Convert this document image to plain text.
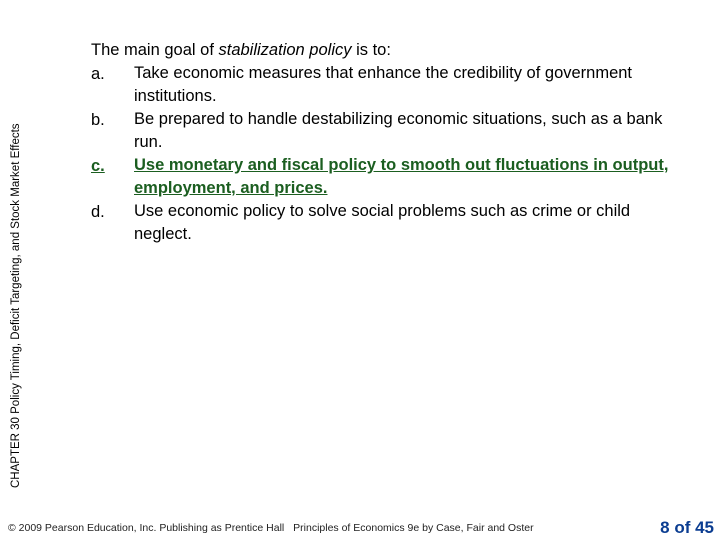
CHAPTER 30 Policy Timing, Deficit Targeting, and Stock Market Effects

The main goal of stabilization policy is to:

a.	Take economic measures that enhance the credibility of government institutions.
b.	Be prepared to handle destabilizing economic situations, such as a bank run.
c.	Use monetary and fiscal policy to smooth out fluctuations in output, employment, and prices.
d.	Use economic policy to solve social problems such as crime or child neglect.
© 2009 Pearson Education, Inc. Publishing as Prentice Hall Principles of Economics 9e by Case, Fair and Oster	8 of 45
